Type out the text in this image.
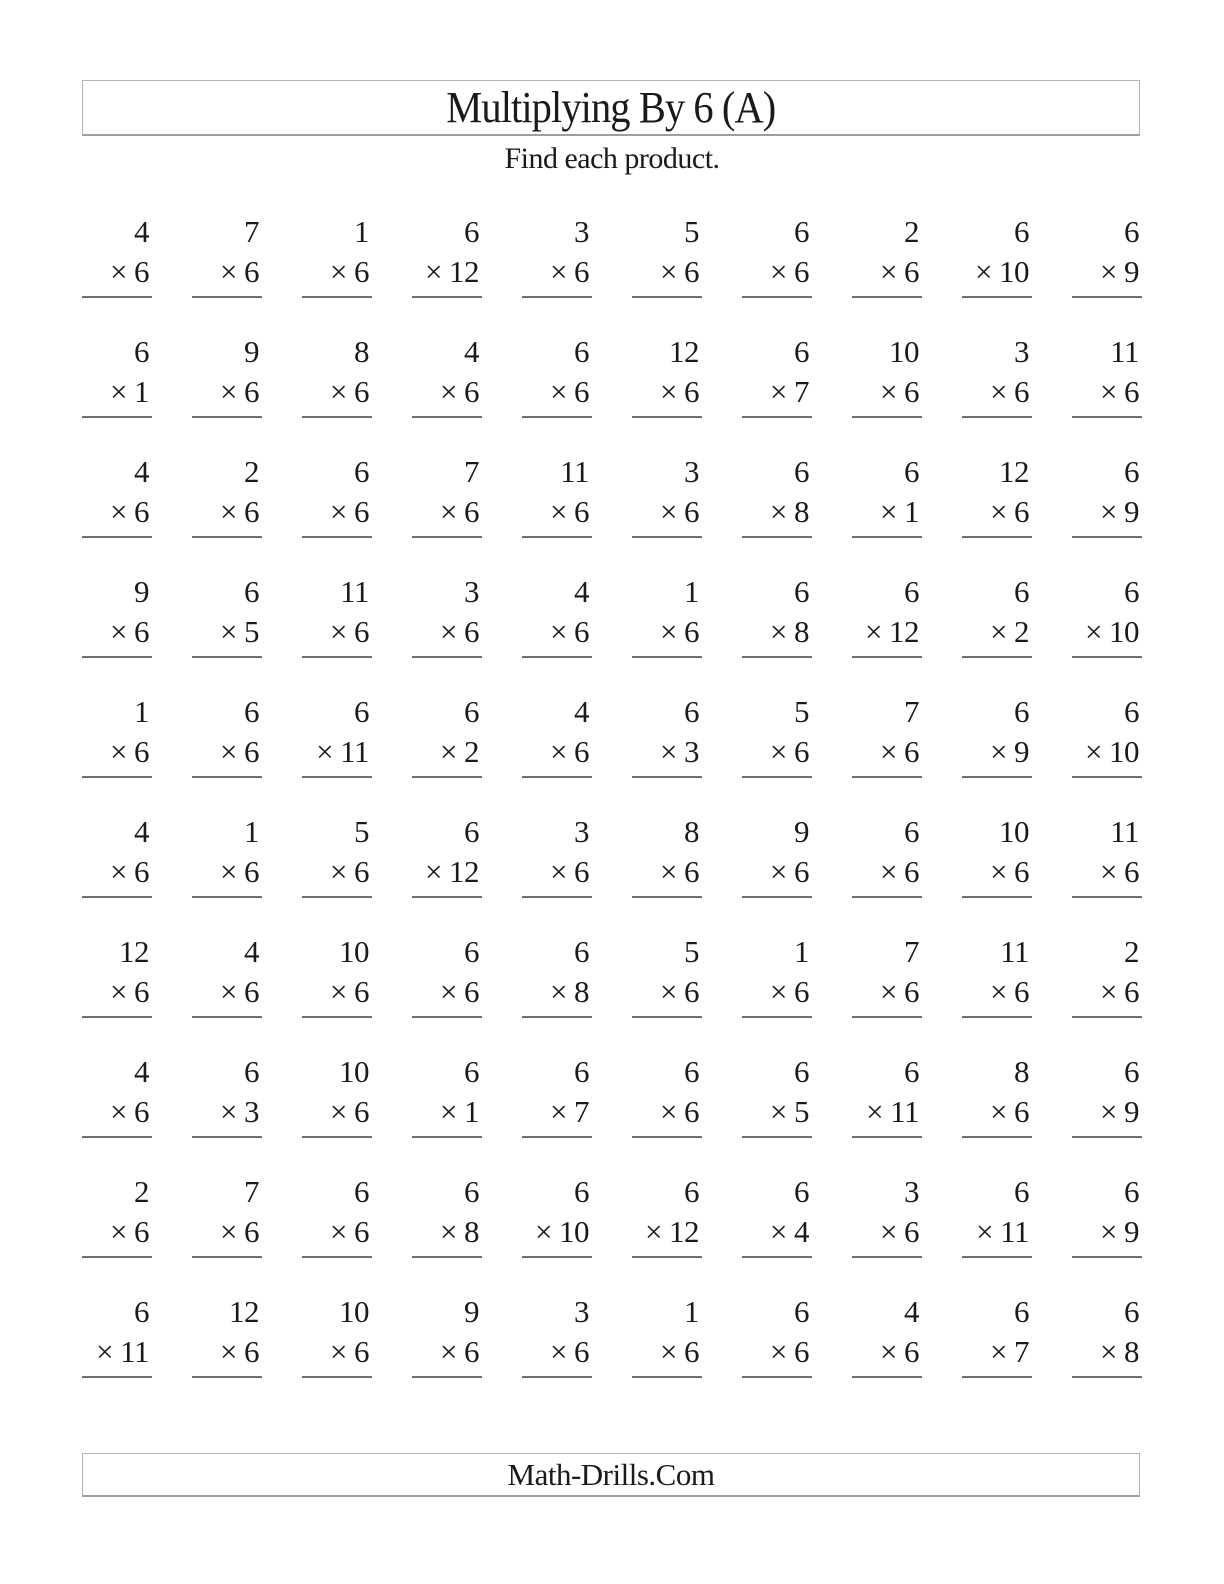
Multiplying By 6 (A)
Find each product.
4
× 6
7
× 6
1
× 6
6
× 12
3
× 6
5
× 6
6
× 6
2
× 6
6
× 10
6
× 9
6
× 1
9
× 6
8
× 6
4
× 6
6
× 6
12
× 6
6
× 7
10
× 6
3
× 6
11
× 6
4
× 6
2
× 6
6
× 6
7
× 6
11
× 6
3
× 6
6
× 8
6
× 1
12
× 6
6
× 9
9
× 6
6
× 5
11
× 6
3
× 6
4
× 6
1
× 6
6
× 8
6
× 12
6
× 2
6
× 10
1
× 6
6
× 6
6
× 11
6
× 2
4
× 6
6
× 3
5
× 6
7
× 6
6
× 9
6
× 10
4
× 6
1
× 6
5
× 6
6
× 12
3
× 6
8
× 6
9
× 6
6
× 6
10
× 6
11
× 6
12
× 6
4
× 6
10
× 6
6
× 6
6
× 8
5
× 6
1
× 6
7
× 6
11
× 6
2
× 6
4
× 6
6
× 3
10
× 6
6
× 1
6
× 7
6
× 6
6
× 5
6
× 11
8
× 6
6
× 9
2
× 6
7
× 6
6
× 6
6
× 8
6
× 10
6
× 12
6
× 4
3
× 6
6
× 11
6
× 9
6
× 11
12
× 6
10
× 6
9
× 6
3
× 6
1
× 6
6
× 6
4
× 6
6
× 7
6
× 8
Math-Drills.Com
